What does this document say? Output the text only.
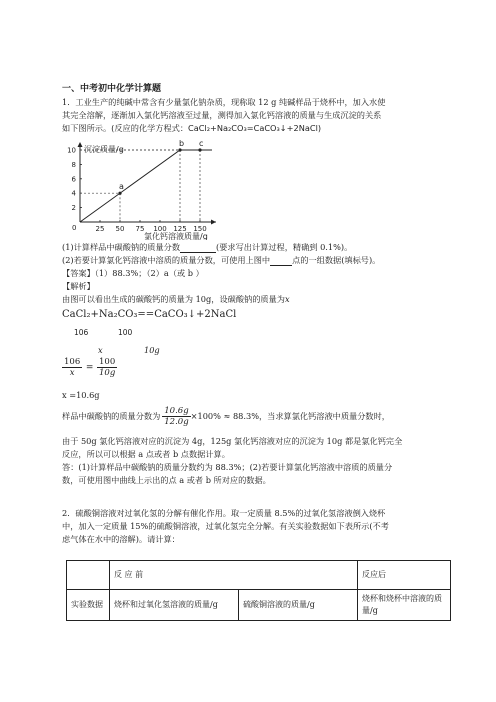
一、中考初中化学计算题
1．工业生产的纯碱中常含有少量氯化钠杂质，现称取 12 g 纯碱样品于烧杯中，加入水使
其完全溶解，逐渐加入氯化钙溶液至过量，测得加入氯化钙溶液的质量与生成沉淀的关系
如下图所示。(反应的化学方程式：CaCl₂+Na₂CO₃=CaCO₃↓+2NaCl)
沉淀质量/g
氯化钙溶液质量/g
0
2
4
6
8
10
25 50 75 100 125 150
a
b c
(1)计算样品中碳酸钠的质量分数	(要求写出计算过程，精确到 0.1%)。
(2)若要计算氯化钙溶液中溶质的质量分数，可使用上图中	点的一组数据(填标号)。
【答案】（1）88.3%；（2）a（或 b ）
【解析】
由图可以看出生成的碳酸钙的质量为 10g，设碳酸钠的质量为x
CaCl₂+Na₂CO₃==CaCO₃↓+2NaCl
106	100
x	10g
$\frac{106}{x} = \frac{100}{10g}$
x =10.6g
样品中碳酸钠的质量分数为 $\frac{10.6g}{12.0g} \times 100\% \approx 88.3\%$ ，当求算氯化钙溶液中质量分数时，
由于 50g 氯化钙溶液对应的沉淀为 4g，125g 氯化钙溶液对应的沉淀为 10g 都是氯化钙完全
反应，所以可以根据 a 点或者 b 点数据计算。
答：(1)计算样品中碳酸钠的质量分数约为 88.3%；(2)若要计算氯化钙溶液中溶质的质量分
数，可使用图中曲线上示出的点 a 或者 b 所对应的数据。
2．硫酸铜溶液对过氧化氢的分解有催化作用。取一定质量 8.5%的过氧化氢溶液倒入烧杯
中，加入一定质量 15%的硫酸铜溶液，过氧化氢完全分解。有关实验数据如下表所示(不考
虑气体在水中的溶解)。请计算：
	反 应 前		反应后
实验数据	烧杯和过氧化氢溶液的质量/g	硫酸铜溶液的质量/g	烧杯和烧杯中溶液的质量/g
